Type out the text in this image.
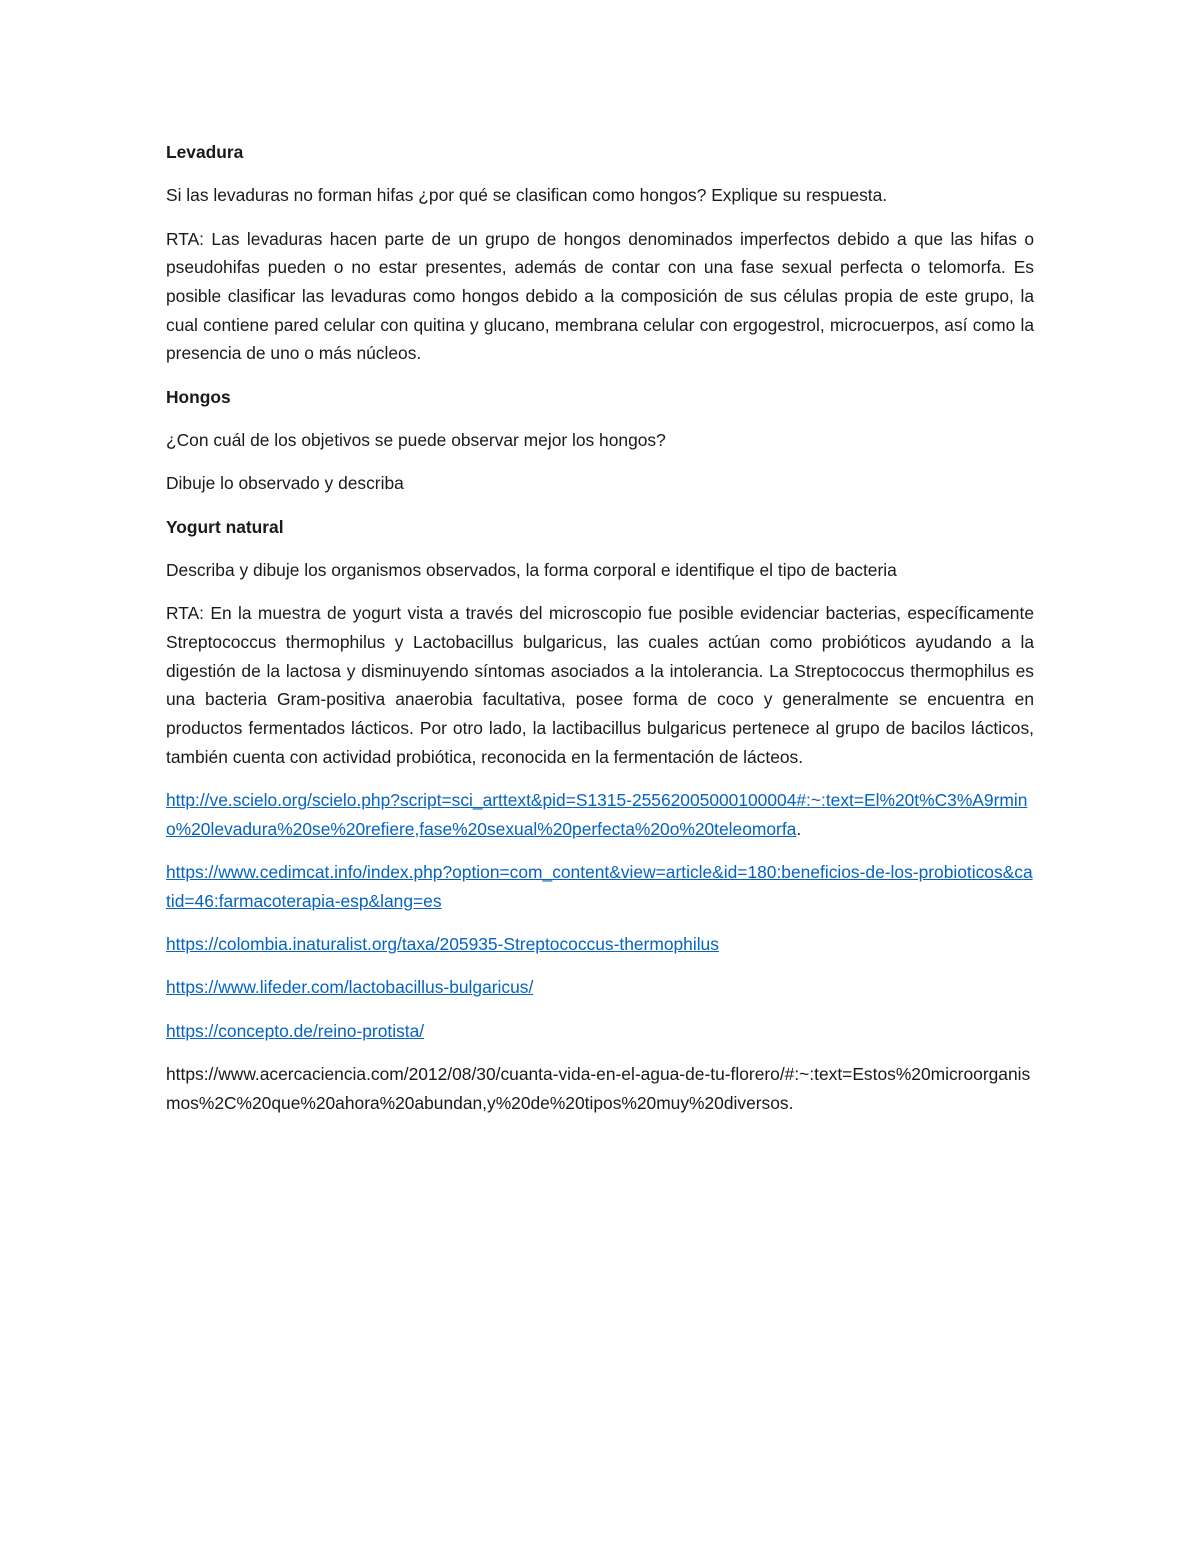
Levadura

Si las levaduras no forman hifas ¿por qué se clasifican como hongos? Explique su respuesta.

RTA: Las levaduras hacen parte de un grupo de hongos denominados imperfectos debido a que las hifas o pseudohifas pueden o no estar presentes, además de contar con una fase sexual perfecta o telomorfa. Es posible clasificar las levaduras como hongos debido a la composición de sus células propia de este grupo, la cual contiene pared celular con quitina y glucano, membrana celular con ergogestrol, microcuerpos, así como la presencia de uno o más núcleos.

Hongos

¿Con cuál de los objetivos se puede observar mejor los hongos?

Dibuje lo observado y describa

Yogurt natural

Describa y dibuje los organismos observados, la forma corporal e identifique el tipo de bacteria

RTA: En la muestra de yogurt vista a través del microscopio fue posible evidenciar bacterias, específicamente Streptococcus thermophilus y Lactobacillus bulgaricus, las cuales actúan como probióticos ayudando a la digestión de la lactosa y disminuyendo síntomas asociados a la intolerancia. La Streptococcus thermophilus es una bacteria Gram-positiva anaerobia facultativa, posee forma de coco y generalmente se encuentra en productos fermentados lácticos. Por otro lado, la lactibacillus bulgaricus pertenece al grupo de bacilos lácticos, también cuenta con actividad probiótica, reconocida en la fermentación de lácteos.

http://ve.scielo.org/scielo.php?script=sci_arttext&pid=S1315-25562005000100004#:~:text=El%20t%C3%A9rmino%20levadura%20se%20refiere,fase%20sexual%20perfecta%20o%20teleomorfa.
https://www.cedimcat.info/index.php?option=com_content&view=article&id=180:beneficios-de-los-probioticos&catid=46:farmacoterapia-esp&lang=es
https://colombia.inaturalist.org/taxa/205935-Streptococcus-thermophilus
https://www.lifeder.com/lactobacillus-bulgaricus/
https://concepto.de/reino-protista/

https://www.acercaciencia.com/2012/08/30/cuanta-vida-en-el-agua-de-tu-florero/#:~:text=Estos%20microorganismos%2C%20que%20ahora%20abundan,y%20de%20tipos%20muy%20diversos.
